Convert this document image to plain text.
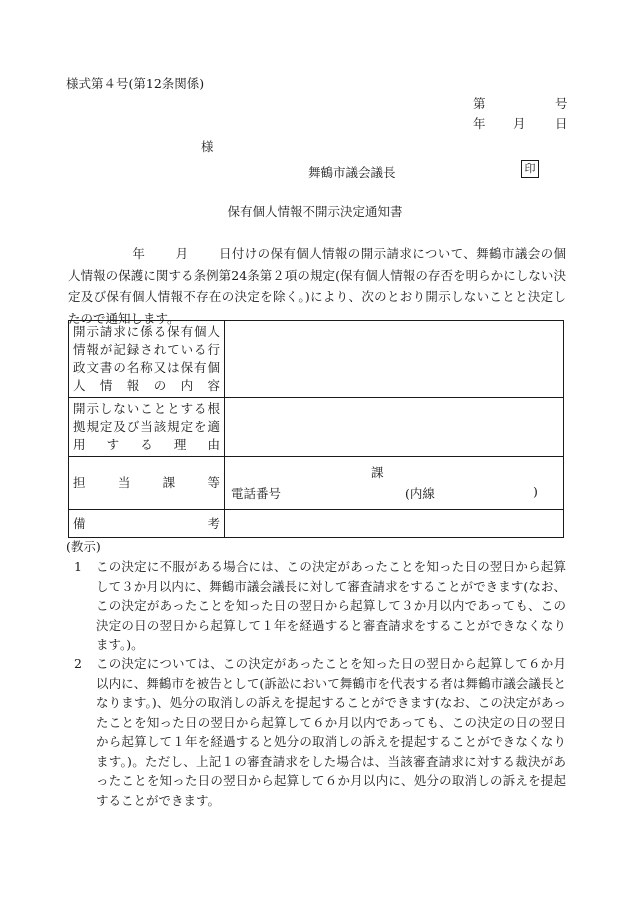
様式第４号(第12条関係)
第	号
年 月 日
様
舞鶴市議会議長	印
保有個人情報不開示決定通知書
年 月 日付けの保有個人情報の開示請求について、舞鶴市議会の個人情報の保護に関する条例第24条第２項の規定(保有個人情報の存否を明らかにしない決定及び保有個人情報不存在の決定を除く。)により、次のとおり開示しないことと決定したので通知します。
開示請求に係る保有個人情報が記録されている行政文書の名称又は保有個人情報の内容	
開示しないこととする根拠規定及び当該規定を適用する理由	
担　当　課　等	課
電話番号 (内線 )

備　　　　　考	
(教示)
1 この決定に不服がある場合には、この決定があったことを知った日の翌日から起算して３か月以内に、舞鶴市議会議長に対して審査請求をすることができます(なお、この決定があったことを知った日の翌日から起算して３か月以内であっても、この決定の日の翌日から起算して１年を経過すると審査請求をすることができなくなります。)。
2 この決定については、この決定があったことを知った日の翌日から起算して６か月以内に、舞鶴市を被告として(訴訟において舞鶴市を代表する者は舞鶴市議会議長となります。)、処分の取消しの訴えを提起することができます(なお、この決定があったことを知った日の翌日から起算して６か月以内であっても、この決定の日の翌日から起算して１年を経過すると処分の取消しの訴えを提起することができなくなります。)。ただし、上記１の審査請求をした場合は、当該審査請求に対する裁決があったことを知った日の翌日から起算して６か月以内に、処分の取消しの訴えを提起することができます。
